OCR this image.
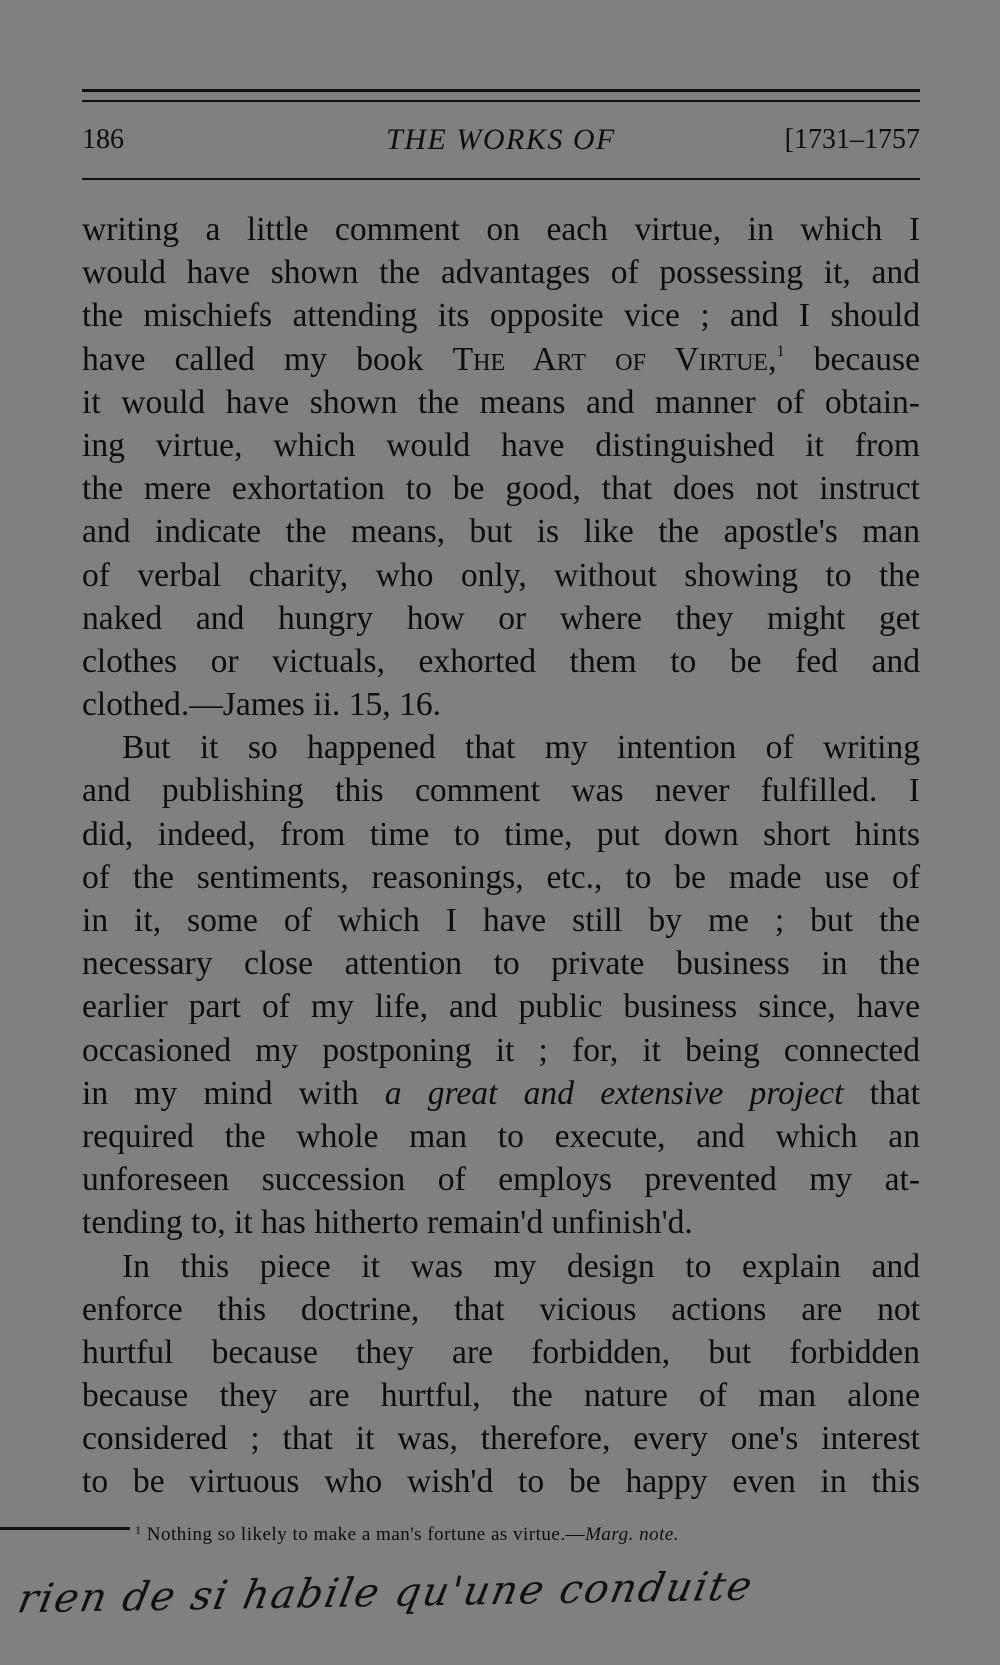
186	THE WORKS OF	[1731–1757
writing a little comment on each virtue, in which I
would have shown the advantages of possessing it, and
the mischiefs attending its opposite vice ; and I should
have called my book The Art of Virtue,$^1$ because
it would have shown the means and manner of obtain-
ing virtue, which would have distinguished it from
the mere exhortation to be good, that does not instruct
and indicate the means, but is like the apostle's man
of verbal charity, who only, without showing to the
naked and hungry how or where they might get
clothes or victuals, exhorted them to be fed and
clothed.—James ii. 15, 16.
But it so happened that my intention of writing
and publishing this comment was never fulfilled. I
did, indeed, from time to time, put down short hints
of the sentiments, reasonings, etc., to be made use of
in it, some of which I have still by me ; but the
necessary close attention to private business in the
earlier part of my life, and public business since, have
occasioned my postponing it ; for, it being connected
in my mind with a great and extensive project that
required the whole man to execute, and which an
unforeseen succession of employs prevented my at-
tending to, it has hitherto remain'd unfinish'd.
In this piece it was my design to explain and
enforce this doctrine, that vicious actions are not
hurtful because they are forbidden, but forbidden
because they are hurtful, the nature of man alone
considered ; that it was, therefore, every one's interest
to be virtuous who wish'd to be happy even in this
$^1$ Nothing so likely to make a man's fortune as virtue.—Marg. note.
rien de si habile qu'une conduite
